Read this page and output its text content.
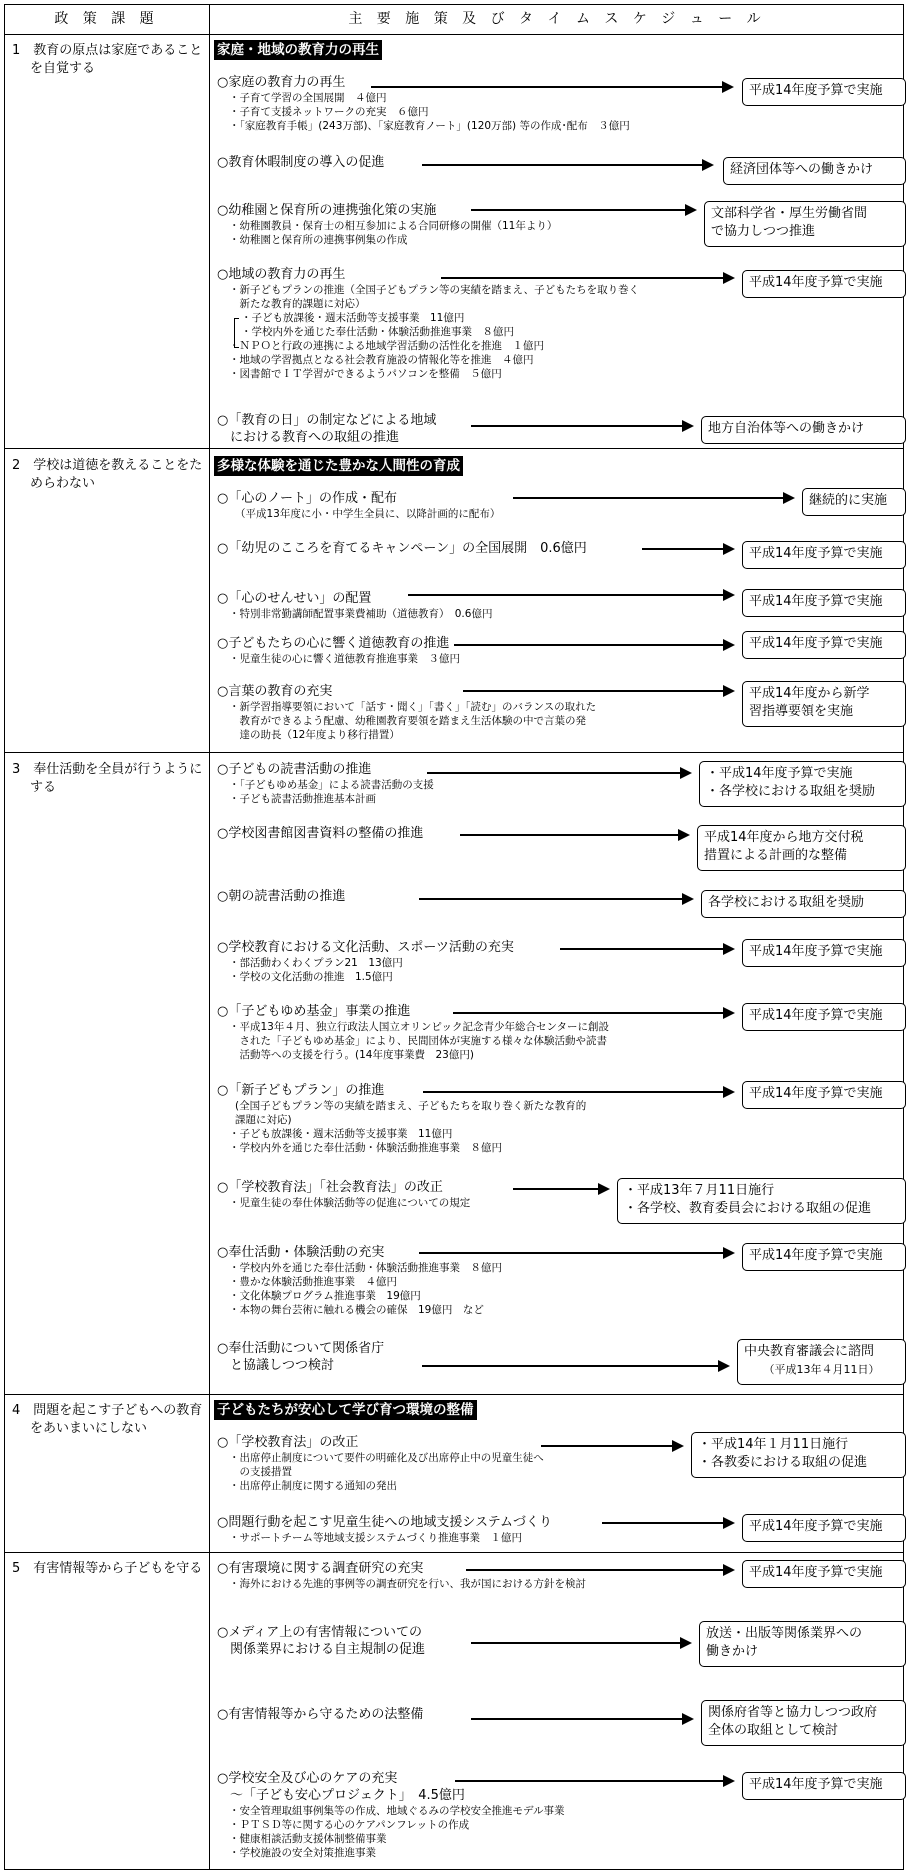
政 策 課 題	主 要 施 策 及 び タ イ ム ス ケ ジ ュ ー ル
1　教育の原点は家庭であることを自覚する
2　学校は道徳を教えることをためらわない
3　奉仕活動を全員が行うようにする
4　問題を起こす子どもへの教育をあいまいにしない
5　有害情報等から子どもを守る
家庭・地域の教育力の再生
多様な体験を通じた豊かな人間性の育成
子どもたちが安心して学び育つ環境の整備
○家庭の教育力の再生
・子育て学習の全国展開　４億円
・子育て支援ネットワークの充実　６億円
・「家庭教育手帳」(243万部)、「家庭教育ノート」(120万部) 等の作成･配布　３億円
○教育休暇制度の導入の促進
○幼稚園と保育所の連携強化策の実施
・幼稚園教員・保育士の相互参加による合同研修の開催（11年より）
・幼稚園と保育所の連携事例集の作成
○地域の教育力の再生
・新子どもプランの推進（全国子どもプラン等の実績を踏まえ、子どもたちを取り巻く
　新たな教育的課題に対応）
・子ども放課後・週末活動等支援事業　11億円
・学校内外を通じた奉仕活動・体験活動推進事業　８億円
・ＮＰＯと行政の連携による地域学習活動の活性化を推進　１億円
・地域の学習拠点となる社会教育施設の情報化等を推進　４億円
・図書館でＩＴ学習ができるようパソコンを整備　５億円
○「教育の日」の制定などによる地域
　における教育への取組の推進
○「心のノート」の作成・配布
（平成13年度に小・中学生全員に、以降計画的に配布）
○「幼児のこころを育てるキャンペーン」の全国展開　0.6億円
○「心のせんせい」の配置
・特別非常勤講師配置事業費補助（道徳教育）　0.6億円
○子どもたちの心に響く道徳教育の推進
・児童生徒の心に響く道徳教育推進事業　３億円
○言葉の教育の充実
・新学習指導要領において「話す・聞く」「書く」「読む」のバランスの取れた
　教育ができるよう配慮、幼稚園教育要領を踏まえ生活体験の中で言葉の発
　達の助長（12年度より移行措置）
○子どもの読書活動の推進
・「子どもゆめ基金」による読書活動の支援
・子ども読書活動推進基本計画
○学校図書館図書資料の整備の推進
○朝の読書活動の推進
○学校教育における文化活動、スポーツ活動の充実
・部活動わくわくプラン21　13億円
・学校の文化活動の推進　1.5億円
○「子どもゆめ基金」事業の推進
・平成13年４月、独立行政法人国立オリンピック記念青少年総合センターに創設
　された「子どもゆめ基金」により、民間団体が実施する様々な体験活動や読書
　活動等への支援を行う。(14年度事業費　23億円)
○「新子どもプラン」の推進
(全国子どもプラン等の実績を踏まえ、子どもたちを取り巻く新たな教育的
課題に対応)
・子ども放課後・週末活動等支援事業　11億円
・学校内外を通じた奉仕活動・体験活動推進事業　８億円
○「学校教育法」「社会教育法」の改正
・児童生徒の奉仕体験活動等の促進についての規定
○奉仕活動・体験活動の充実
・学校内外を通じた奉仕活動・体験活動推進事業　８億円
・豊かな体験活動推進事業　４億円
・文化体験プログラム推進事業　19億円
・本物の舞台芸術に触れる機会の確保　19億円　など
○奉仕活動について関係省庁
　と協議しつつ検討
○「学校教育法」の改正
・出席停止制度について要件の明確化及び出席停止中の児童生徒へ
　の支援措置
・出席停止制度に関する通知の発出
○問題行動を起こす児童生徒への地域支援システムづくり
・サポートチーム等地域支援システムづくり推進事業　１億円
○有害環境に関する調査研究の充実
・海外における先進的事例等の調査研究を行い、我が国における方針を検討
○メディア上の有害情報についての
　関係業界における自主規制の促進
○有害情報等から守るための法整備
○学校安全及び心のケアの充実
　～「子ども安心プロジェクト」　4.5億円
・安全管理取組事例集等の作成、地域ぐるみの学校安全推進モデル事業
・ＰＴＳＤ等に関する心のケアパンフレットの作成
・健康相談活動支援体制整備事業
・学校施設の安全対策推進事業
平成14年度予算で実施
経済団体等への働きかけ
文部科学省・厚生労働省間
で協力しつつ推進
平成14年度予算で実施
地方自治体等への働きかけ
継続的に実施
平成14年度予算で実施
平成14年度予算で実施
平成14年度予算で実施
平成14年度から新学
習指導要領を実施
・平成14年度予算で実施
・各学校における取組を奨励
平成14年度から地方交付税
措置による計画的な整備
各学校における取組を奨励
平成14年度予算で実施
平成14年度予算で実施
平成14年度予算で実施
・平成13年７月11日施行
・各学校、教育委員会における取組の促進
平成14年度予算で実施
中央教育審議会に諮問
（平成13年４月11日）
・平成14年１月11日施行
・各教委における取組の促進
平成14年度予算で実施
平成14年度予算で実施
放送・出版等関係業界への
働きかけ
関係府省等と協力しつつ政府
全体の取組として検討
平成14年度予算で実施
